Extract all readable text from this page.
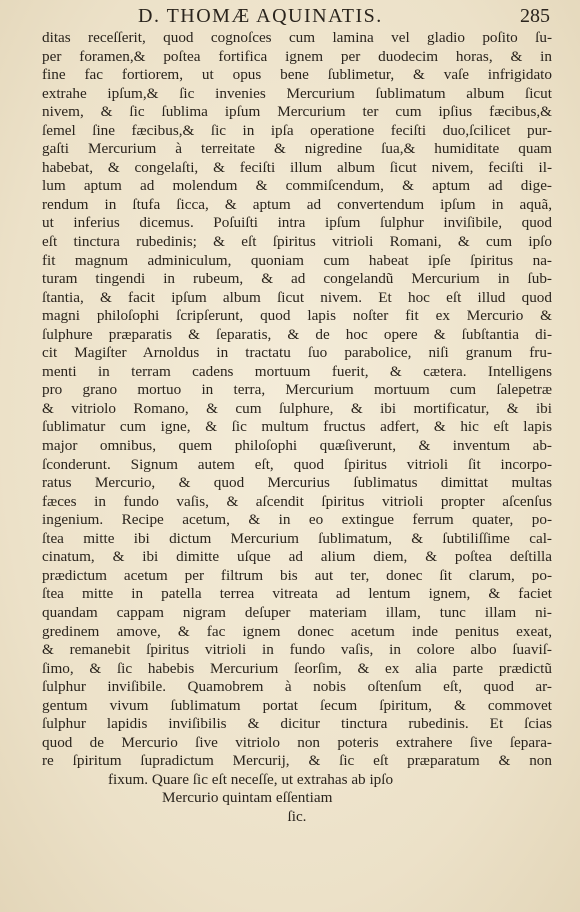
D. THOMÆ AQUINATIS.	285
ditas receſſerit, quod cognoſces cum lamina vel gladio poſito ſu-
per foramen,& poſtea fortifica ignem per duodecim horas, & in
fine fac fortiorem, ut opus bene ſublimetur, & vaſe infrigidato
extrahe ipſum,& ſic invenies Mercurium ſublimatum album ſicut
nivem, & ſic ſublima ipſum Mercurium ter cum ipſius fæcibus,&
ſemel ſine fæcibus,& ſic in ipſa operatione feciſti duo,ſcilicet pur-
gaſti Mercurium à terreitate & nigredine ſua,& humiditate quam
habebat, & congelaſti, & feciſti illum album ſicut nivem, feciſti il-
lum aptum ad molendum & commiſcendum, & aptum ad dige-
rendum in ſtufa ſicca, & aptum ad convertendum ipſum in aquã,
ut inferius dicemus. Poſuiſti intra ipſum ſulphur inviſibile, quod
eſt tinctura rubedinis; & eſt ſpiritus vitrioli Romani, & cum ipſo
fit magnum adminiculum, quoniam cum habeat ipſe ſpiritus na-
turam tingendi in rubeum, & ad congelandũ Mercurium in ſub-
ſtantia, & facit ipſum album ſicut nivem. Et hoc eſt illud quod
magni philoſophi ſcripſerunt, quod lapis noſter fit ex Mercurio &
ſulphure præparatis & ſeparatis, & de hoc opere & ſubſtantia di-
cit Magiſter Arnoldus in tractatu ſuo parabolice, niſi granum fru-
menti in terram cadens mortuum fuerit, & cætera. Intelligens
pro grano mortuo in terra, Mercurium mortuum cum ſalepetræ
& vitriolo Romano, & cum ſulphure, & ibi mortificatur, & ibi
ſublimatur cum igne, & ſic multum fructus adfert, & hic eſt lapis
major omnibus, quem philoſophi quæſiverunt, & inventum ab-
ſconderunt. Signum autem eſt, quod ſpiritus vitrioli ſit incorpo-
ratus Mercurio, & quod Mercurius ſublimatus dimittat multas
fæces in fundo vaſis, & aſcendit ſpiritus vitrioli propter aſcenſus
ingenium. Recipe acetum, & in eo extingue ferrum quater, po-
ſtea mitte ibi dictum Mercurium ſublimatum, & ſubtiliſſime cal-
cinatum, & ibi dimitte uſque ad alium diem, & poſtea deſtilla
prædictum acetum per filtrum bis aut ter, donec ſit clarum, po-
ſtea mitte in patella terrea vitreata ad lentum ignem, & faciet
quandam cappam nigram deſuper materiam illam, tunc illam ni-
gredinem amove, & fac ignem donec acetum inde penitus exeat,
& remanebit ſpiritus vitrioli in fundo vaſis, in colore albo ſuaviſ-
ſimo, & ſic habebis Mercurium ſeorſim, & ex alia parte prædictũ
ſulphur inviſibile. Quamobrem à nobis oſtenſum eſt, quod ar-
gentum vivum ſublimatum portat ſecum ſpiritum, & commovet
ſulphur lapidis inviſibilis & dicitur tinctura rubedinis. Et ſcias
quod de Mercurio ſive vitriolo non poteris extrahere ſive ſepara-
re ſpiritum ſupradictum Mercurij, & ſic eſt præparatum & non
fixum. Quare ſic eſt neceſſe, ut extrahas ab ipſo
Mercurio quintam eſſentiam
ſic.
